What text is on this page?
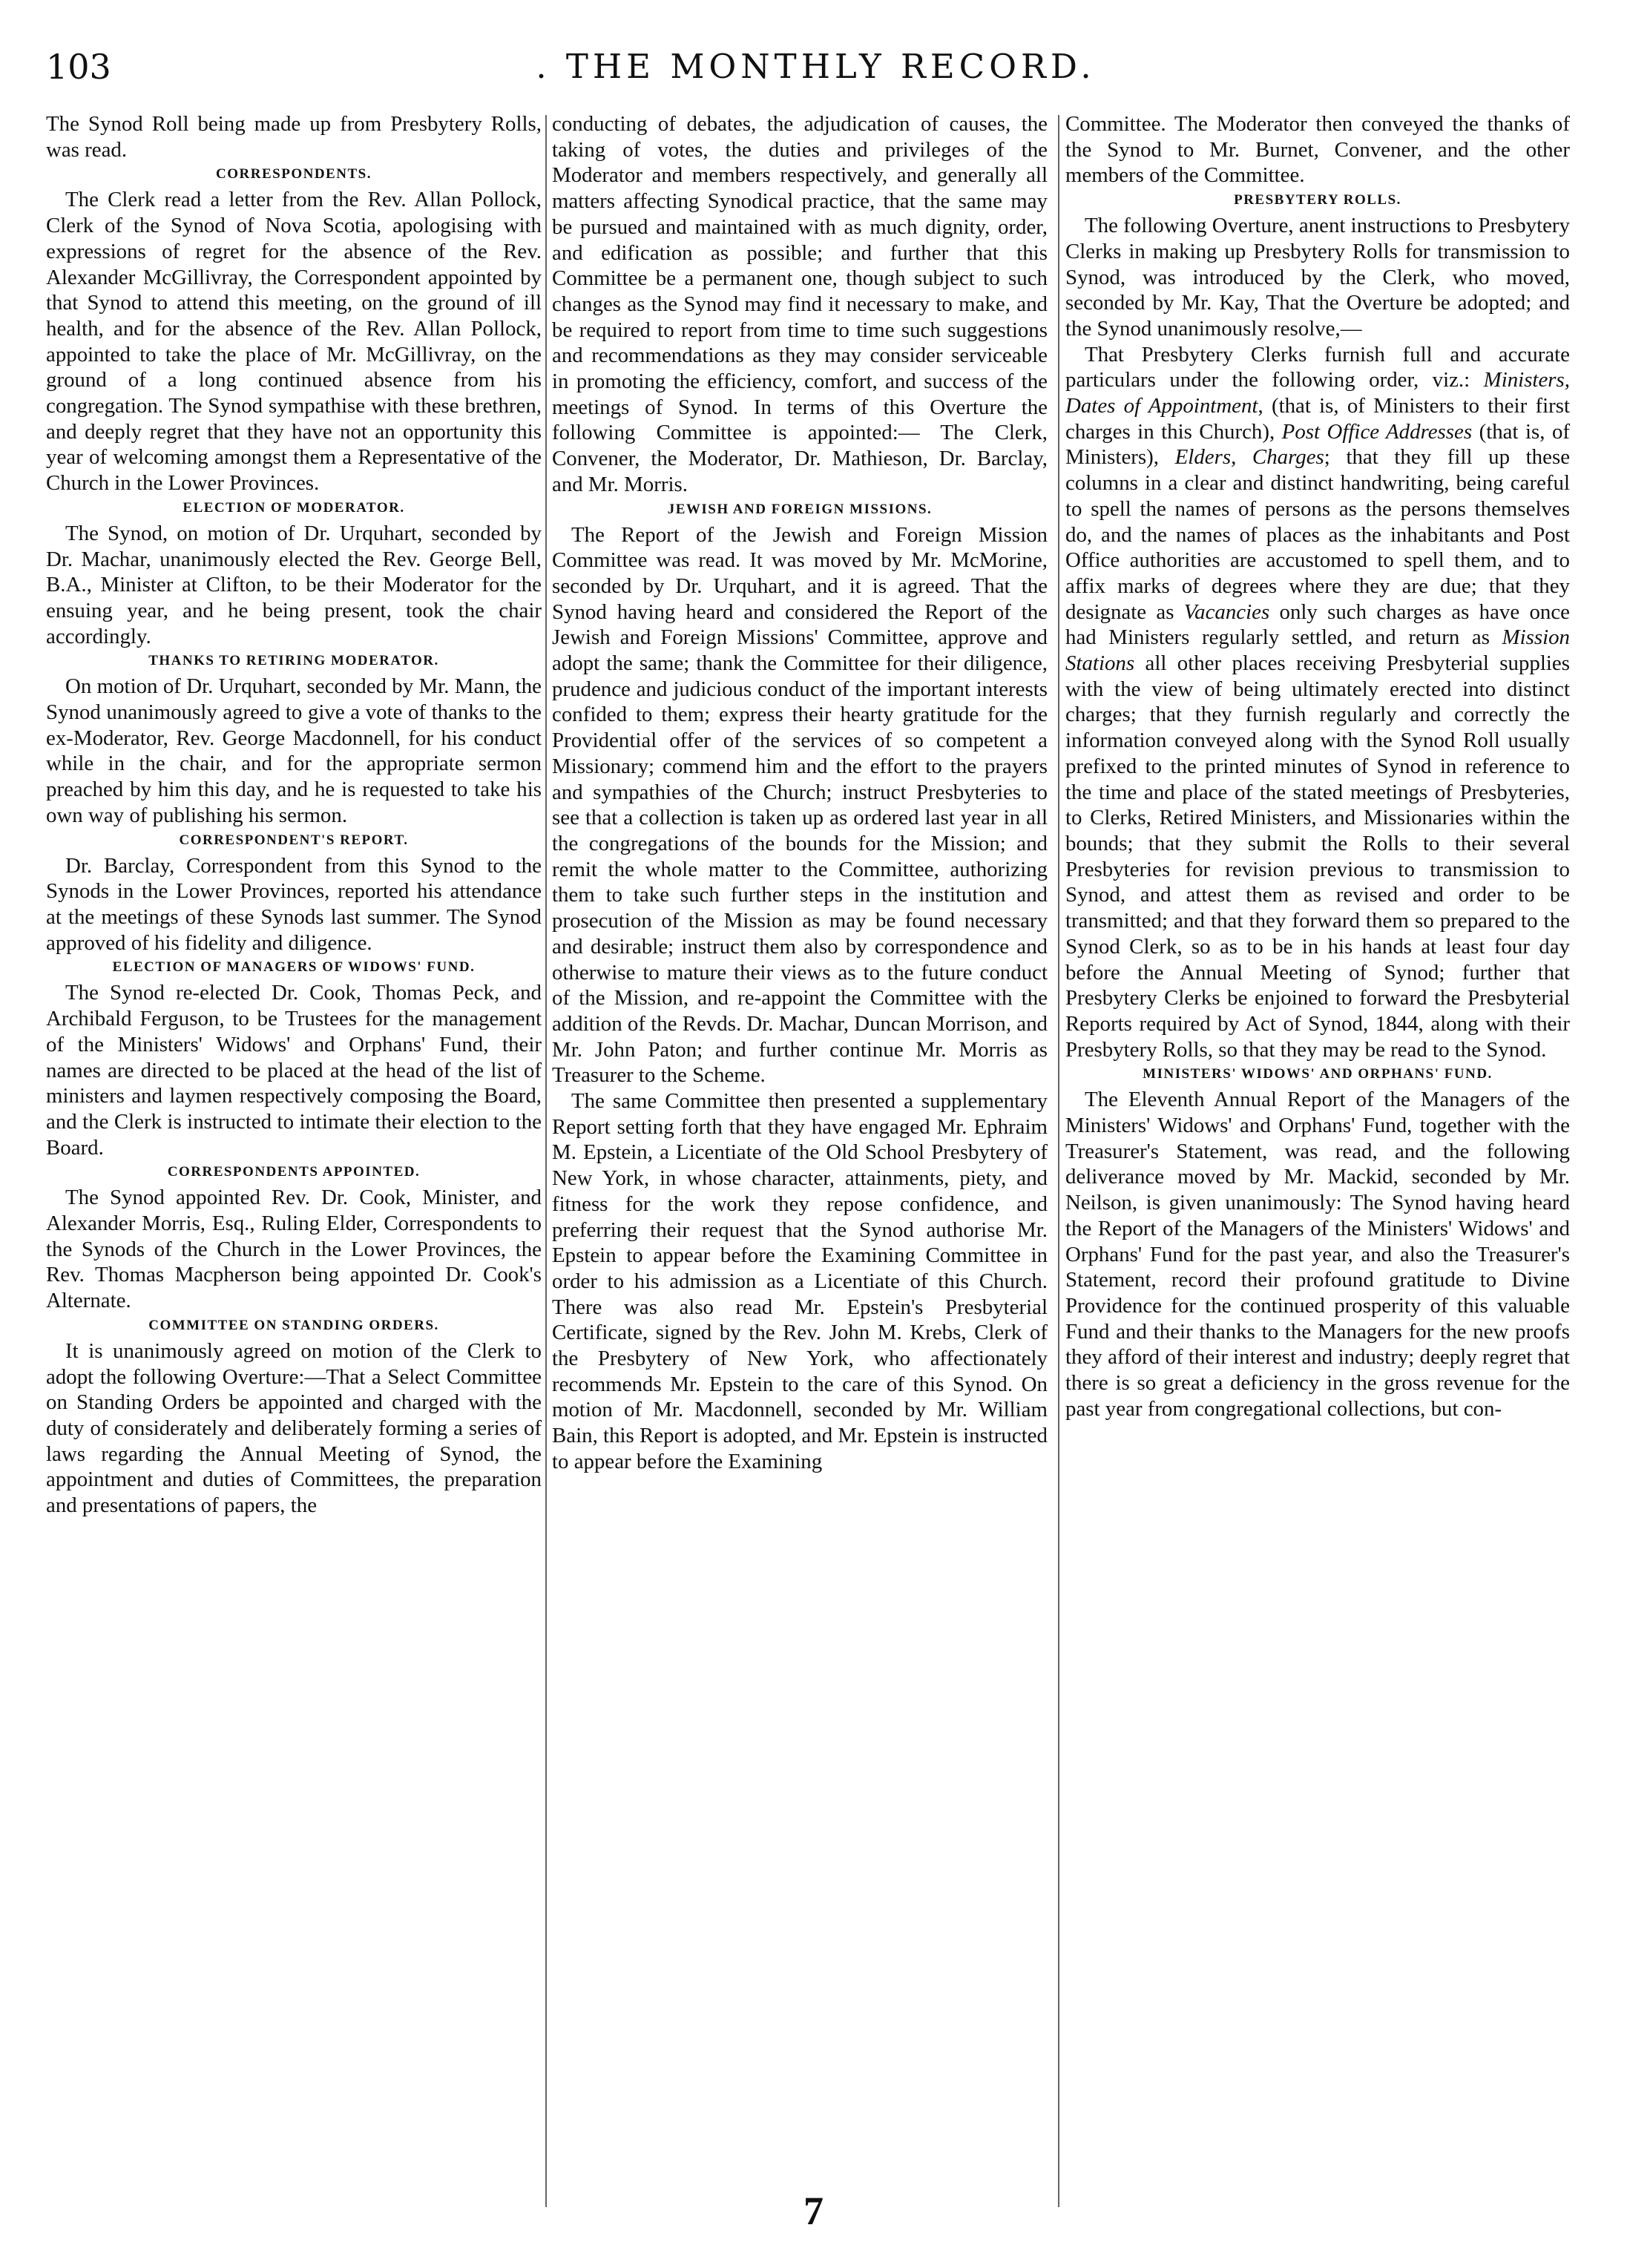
103	. THE MONTHLY RECORD.

The Synod Roll being made up from Presbytery Rolls, was read.

CORRESPONDENTS.

The Clerk read a letter from the Rev. Allan Pollock, Clerk of the Synod of Nova Scotia, apologising with expressions of regret for the absence of the Rev. Alexander McGillivray, the Correspondent appointed by that Synod to attend this meeting, on the ground of ill health, and for the absence of the Rev. Allan Pollock, appointed to take the place of Mr. McGillivray, on the ground of a long continued absence from his congregation. The Synod sympathise with these brethren, and deeply regret that they have not an opportunity this year of welcoming amongst them a Representative of the Church in the Lower Provinces.

ELECTION OF MODERATOR.

The Synod, on motion of Dr. Urquhart, seconded by Dr. Machar, unanimously elected the Rev. George Bell, B.A., Minister at Clifton, to be their Moderator for the ensuing year, and he being present, took the chair accordingly.

THANKS TO RETIRING MODERATOR.

On motion of Dr. Urquhart, seconded by Mr. Mann, the Synod unanimously agreed to give a vote of thanks to the ex-Moderator, Rev. George Macdonnell, for his conduct while in the chair, and for the appropriate sermon preached by him this day, and he is requested to take his own way of publishing his sermon.

CORRESPONDENT'S REPORT.

Dr. Barclay, Correspondent from this Synod to the Synods in the Lower Provinces, reported his attendance at the meetings of these Synods last summer. The Synod approved of his fidelity and diligence.

ELECTION OF MANAGERS OF WIDOWS' FUND.

The Synod re-elected Dr. Cook, Thomas Peck, and Archibald Ferguson, to be Trustees for the management of the Ministers' Widows' and Orphans' Fund, their names are directed to be placed at the head of the list of ministers and laymen respectively composing the Board, and the Clerk is instructed to intimate their election to the Board.

CORRESPONDENTS APPOINTED.

The Synod appointed Rev. Dr. Cook, Minister, and Alexander Morris, Esq., Ruling Elder, Correspondents to the Synods of the Church in the Lower Provinces, the Rev. Thomas Macpherson being appointed Dr. Cook's Alternate.

COMMITTEE ON STANDING ORDERS.

It is unanimously agreed on motion of the Clerk to adopt the following Overture:—That a Select Committee on Standing Orders be appointed and charged with the duty of considerately and deliberately forming a series of laws regarding the Annual Meeting of Synod, the appointment and duties of Committees, the preparation and presentations of papers, the

conducting of debates, the adjudication of causes, the taking of votes, the duties and privileges of the Moderator and members respectively, and generally all matters affecting Synodical practice, that the same may be pursued and maintained with as much dignity, order, and edification as possible; and further that this Committee be a permanent one, though subject to such changes as the Synod may find it necessary to make, and be required to report from time to time such suggestions and recommendations as they may consider serviceable in promoting the efficiency, comfort, and success of the meetings of Synod. In terms of this Overture the following Committee is appointed:— The Clerk, Convener, the Moderator, Dr. Mathieson, Dr. Barclay, and Mr. Morris.

JEWISH AND FOREIGN MISSIONS.

The Report of the Jewish and Foreign Mission Committee was read. It was moved by Mr. McMorine, seconded by Dr. Urquhart, and it is agreed. That the Synod having heard and considered the Report of the Jewish and Foreign Missions' Committee, approve and adopt the same; thank the Committee for their diligence, prudence and judicious conduct of the important interests confided to them; express their hearty gratitude for the Providential offer of the services of so competent a Missionary; commend him and the effort to the prayers and sympathies of the Church; instruct Presbyteries to see that a collection is taken up as ordered last year in all the congregations of the bounds for the Mission; and remit the whole matter to the Committee, authorizing them to take such further steps in the institution and prosecution of the Mission as may be found necessary and desirable; instruct them also by correspondence and otherwise to mature their views as to the future conduct of the Mission, and re-appoint the Committee with the addition of the Revds. Dr. Machar, Duncan Morrison, and Mr. John Paton; and further continue Mr. Morris as Treasurer to the Scheme.

The same Committee then presented a supplementary Report setting forth that they have engaged Mr. Ephraim M. Epstein, a Licentiate of the Old School Presbytery of New York, in whose character, attainments, piety, and fitness for the work they repose confidence, and preferring their request that the Synod authorise Mr. Epstein to appear before the Examining Committee in order to his admission as a Licentiate of this Church. There was also read Mr. Epstein's Presbyterial Certificate, signed by the Rev. John M. Krebs, Clerk of the Presbytery of New York, who affectionately recommends Mr. Epstein to the care of this Synod. On motion of Mr. Macdonnell, seconded by Mr. William Bain, this Report is adopted, and Mr. Epstein is instructed to appear before the Examining

Committee. The Moderator then conveyed the thanks of the Synod to Mr. Burnet, Convener, and the other members of the Committee.

PRESBYTERY ROLLS.

The following Overture, anent instructions to Presbytery Clerks in making up Presbytery Rolls for transmission to Synod, was introduced by the Clerk, who moved, seconded by Mr. Kay, That the Overture be adopted; and the Synod unanimously resolve,—

That Presbytery Clerks furnish full and accurate particulars under the following order, viz.: Ministers, Dates of Appointment, (that is, of Ministers to their first charges in this Church), Post Office Addresses (that is, of Ministers), Elders, Charges; that they fill up these columns in a clear and distinct handwriting, being careful to spell the names of persons as the persons themselves do, and the names of places as the inhabitants and Post Office authorities are accustomed to spell them, and to affix marks of degrees where they are due; that they designate as Vacancies only such charges as have once had Ministers regularly settled, and return as Mission Stations all other places receiving Presbyterial supplies with the view of being ultimately erected into distinct charges; that they furnish regularly and correctly the information conveyed along with the Synod Roll usually prefixed to the printed minutes of Synod in reference to the time and place of the stated meetings of Presbyteries, to Clerks, Retired Ministers, and Missionaries within the bounds; that they submit the Rolls to their several Presbyteries for revision previous to transmission to Synod, and attest them as revised and order to be transmitted; and that they forward them so prepared to the Synod Clerk, so as to be in his hands at least four day before the Annual Meeting of Synod; further that Presbytery Clerks be enjoined to forward the Presbyterial Reports required by Act of Synod, 1844, along with their Presbytery Rolls, so that they may be read to the Synod.

MINISTERS' WIDOWS' AND ORPHANS' FUND.

The Eleventh Annual Report of the Managers of the Ministers' Widows' and Orphans' Fund, together with the Treasurer's Statement, was read, and the following deliverance moved by Mr. Mackid, seconded by Mr. Neilson, is given unanimously: The Synod having heard the Report of the Managers of the Ministers' Widows' and Orphans' Fund for the past year, and also the Treasurer's Statement, record their profound gratitude to Divine Providence for the continued prosperity of this valuable Fund and their thanks to the Managers for the new proofs they afford of their interest and industry; deeply regret that there is so great a deficiency in the gross revenue for the past year from congregational collections, but con-

7
